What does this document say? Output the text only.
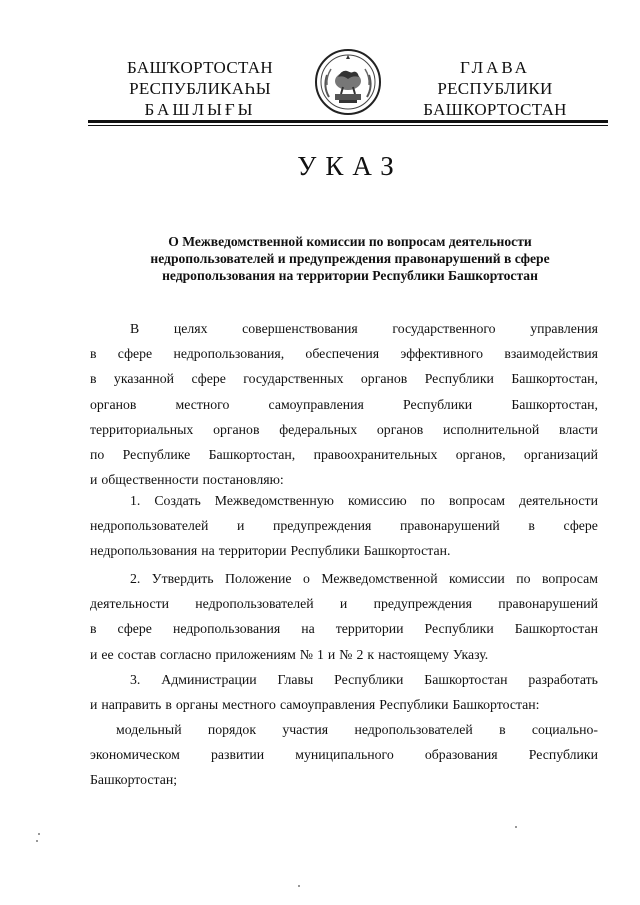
БАШҠОРТОСТАН
РЕСПУБЛИКАҺЫ
БАШЛЫҒЫ
ГЛАВА
РЕСПУБЛИКИ
БАШКОРТОСТАН
УКАЗ
О Межведомственной комиссии по вопросам деятельности
недропользователей и предупреждения правонарушений в сфере
недропользования на территории Республики Башкортостан
В	целях	совершенствования	государственного	управления
в сфере недропользования, обеспечения эффективного взаимодействия
в указанной сфере государственных органов Республики Башкортостан,
органов	местного	самоуправления	Республики	Башкортостан,
территориальных органов федеральных органов исполнительной власти
по Республике Башкортостан, правоохранительных органов, организаций
и общественности постановляю:
1. Создать Межведомственную комиссию по вопросам деятельности
недропользователей и предупреждения правонарушений в сфере
недропользования на территории Республики Башкортостан.
2. Утвердить Положение о Межведомственной комиссии по вопросам
деятельности недропользователей и предупреждения правонарушений
в сфере недропользования на территории Республики Башкортостан
и ее состав согласно приложениям № 1 и № 2 к настоящему Указу.
3. Администрации Главы Республики Башкортостан разработать
и направить в органы местного самоуправления Республики Башкортостан:
модельный порядок участия недропользователей в социально-
экономическом развитии муниципального образования Республики
Башкортостан;
